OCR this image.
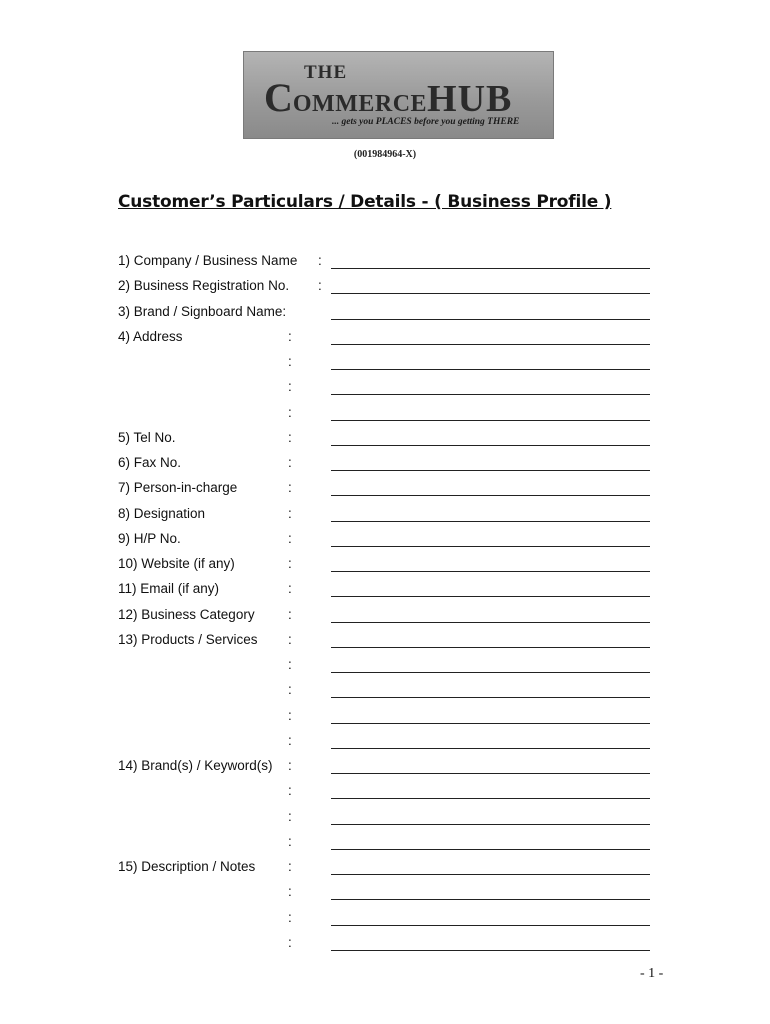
THE
COMMERCEHUB
... gets you PLACES before you getting THERE
(001984964-X)
Customer’s Particulars / Details - ( Business Profile )
1) Company / Business Name :
2) Business Registration No. :
3) Brand / Signboard Name:
4) Address	:
:
:
:
5) Tel No.	:
6) Fax No.	:
7) Person-in-charge	:
8) Designation	:
9) H/P No.	:
10) Website (if any)	:
11) Email (if any)	:
12) Business Category :
13) Products / Services :
:
:
:
:
14) Brand(s) / Keyword(s) :
:
:
:
15) Description / Notes :
:
:
:
- 1 -
